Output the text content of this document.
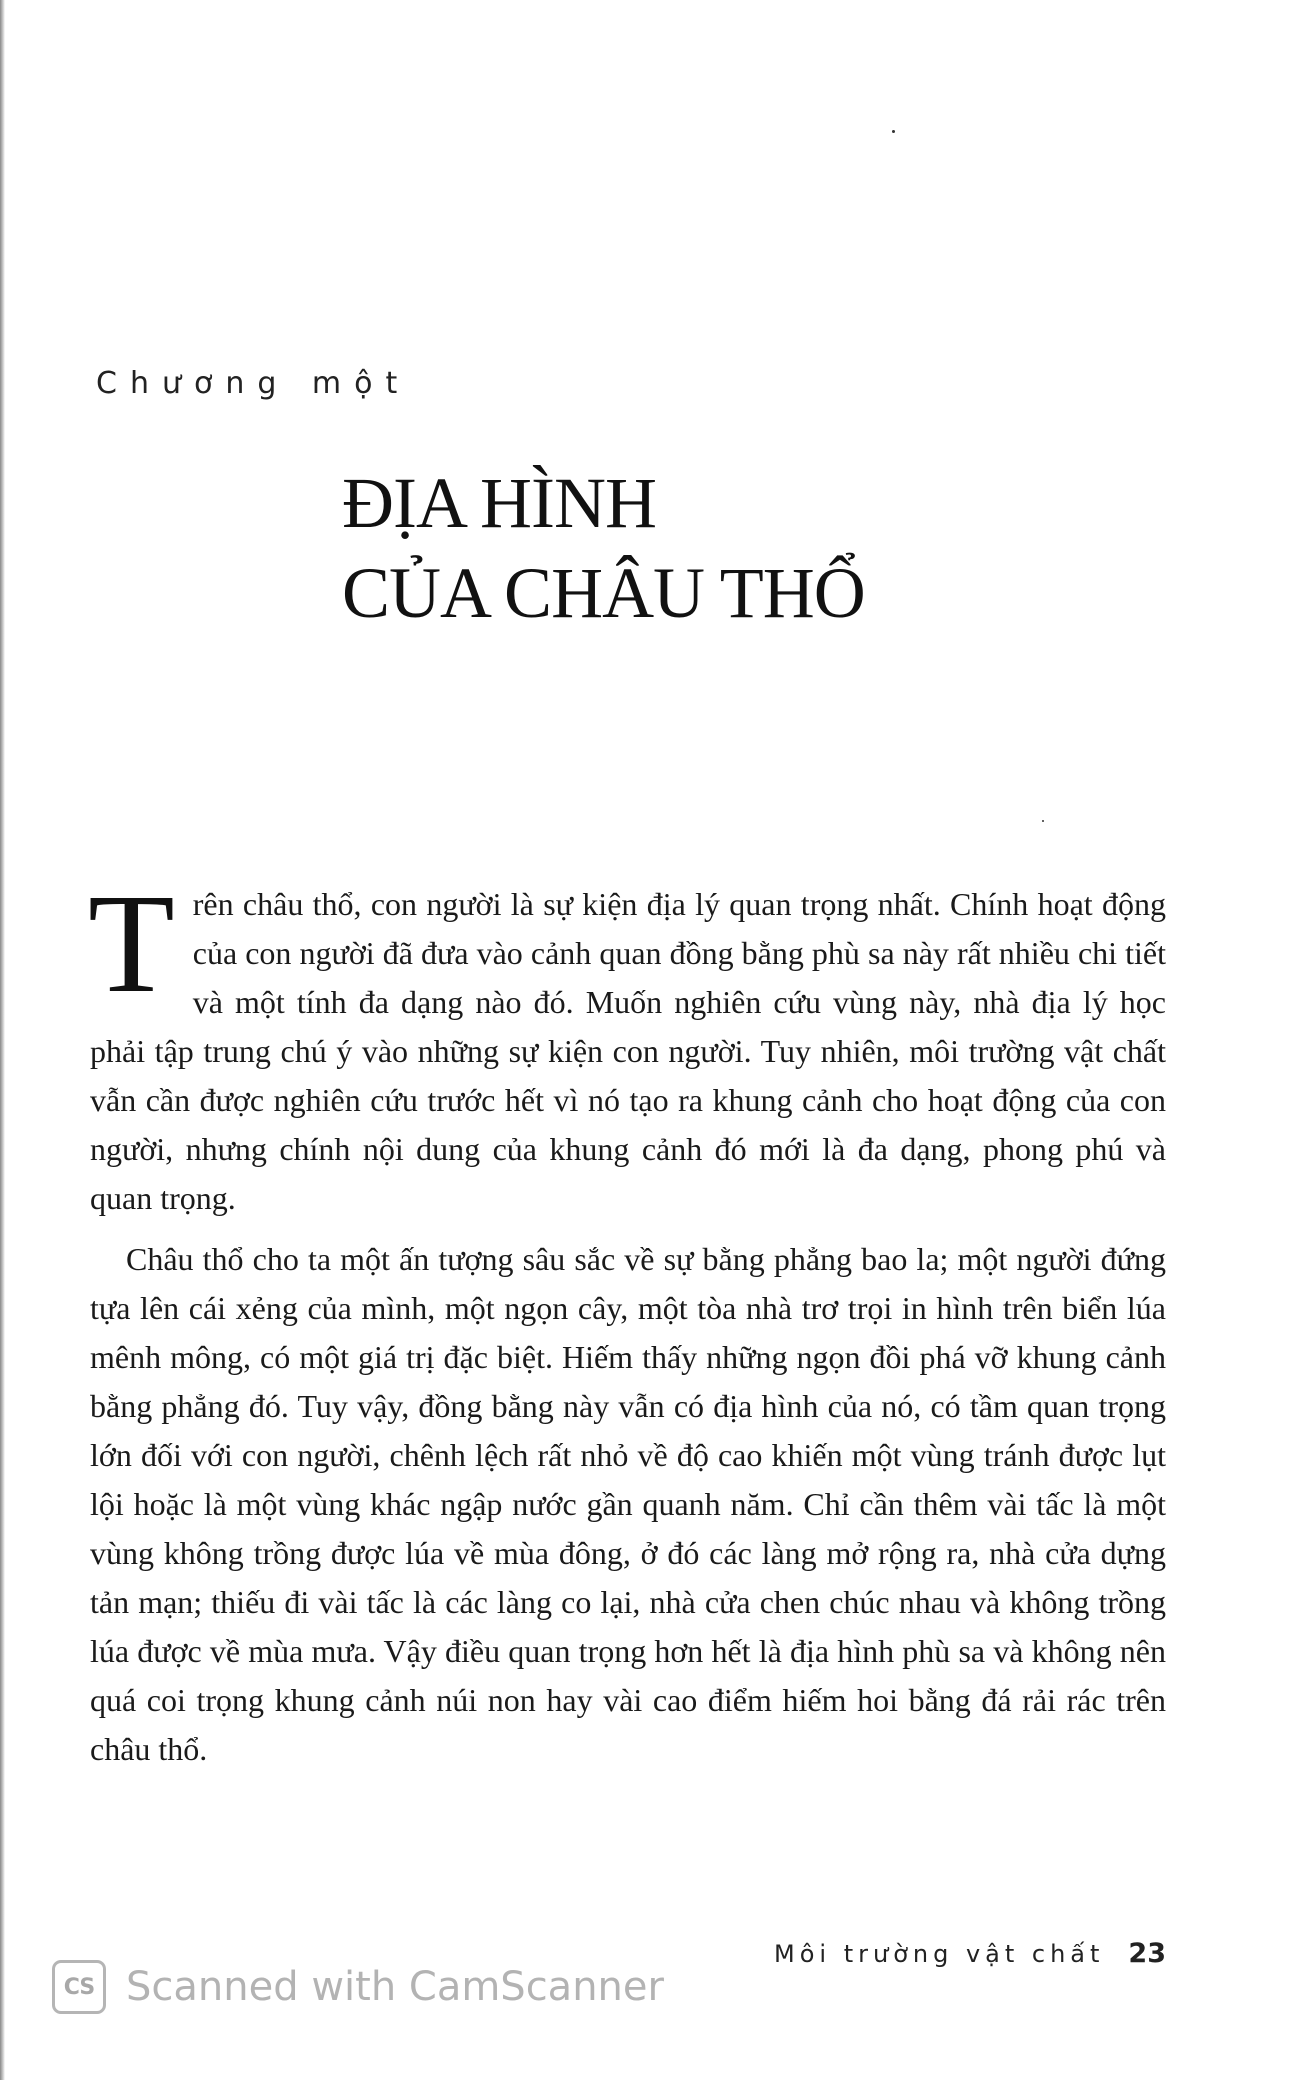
Chương một
ĐỊA HÌNH
CỦA CHÂU THỔ

Trên châu thổ, con người là sự kiện địa lý quan trọng nhất. Chính hoạt động của con người đã đưa vào cảnh quan đồng bằng phù sa này rất nhiều chi tiết và một tính đa dạng nào đó. Muốn nghiên cứu vùng này, nhà địa lý học phải tập trung chú ý vào những sự kiện con người. Tuy nhiên, môi trường vật chất vẫn cần được nghiên cứu trước hết vì nó tạo ra khung cảnh cho hoạt động của con người, nhưng chính nội dung của khung cảnh đó mới là đa dạng, phong phú và quan trọng.

Châu thổ cho ta một ấn tượng sâu sắc về sự bằng phẳng bao la; một người đứng tựa lên cái xẻng của mình, một ngọn cây, một tòa nhà trơ trọi in hình trên biển lúa mênh mông, có một giá trị đặc biệt. Hiếm thấy những ngọn đồi phá vỡ khung cảnh bằng phẳng đó. Tuy vậy, đồng bằng này vẫn có địa hình của nó, có tầm quan trọng lớn đối với con người, chênh lệch rất nhỏ về độ cao khiến một vùng tránh được lụt lội hoặc là một vùng khác ngập nước gần quanh năm. Chỉ cần thêm vài tấc là một vùng không trồng được lúa về mùa đông, ở đó các làng mở rộng ra, nhà cửa dựng tản mạn; thiếu đi vài tấc là các làng co lại, nhà cửa chen chúc nhau và không trồng lúa được về mùa mưa. Vậy điều quan trọng hơn hết là địa hình phù sa và không nên quá coi trọng khung cảnh núi non hay vài cao điểm hiếm hoi bằng đá rải rác trên châu thổ.

Môi trường vật chất 23
CS Scanned with CamScanner
